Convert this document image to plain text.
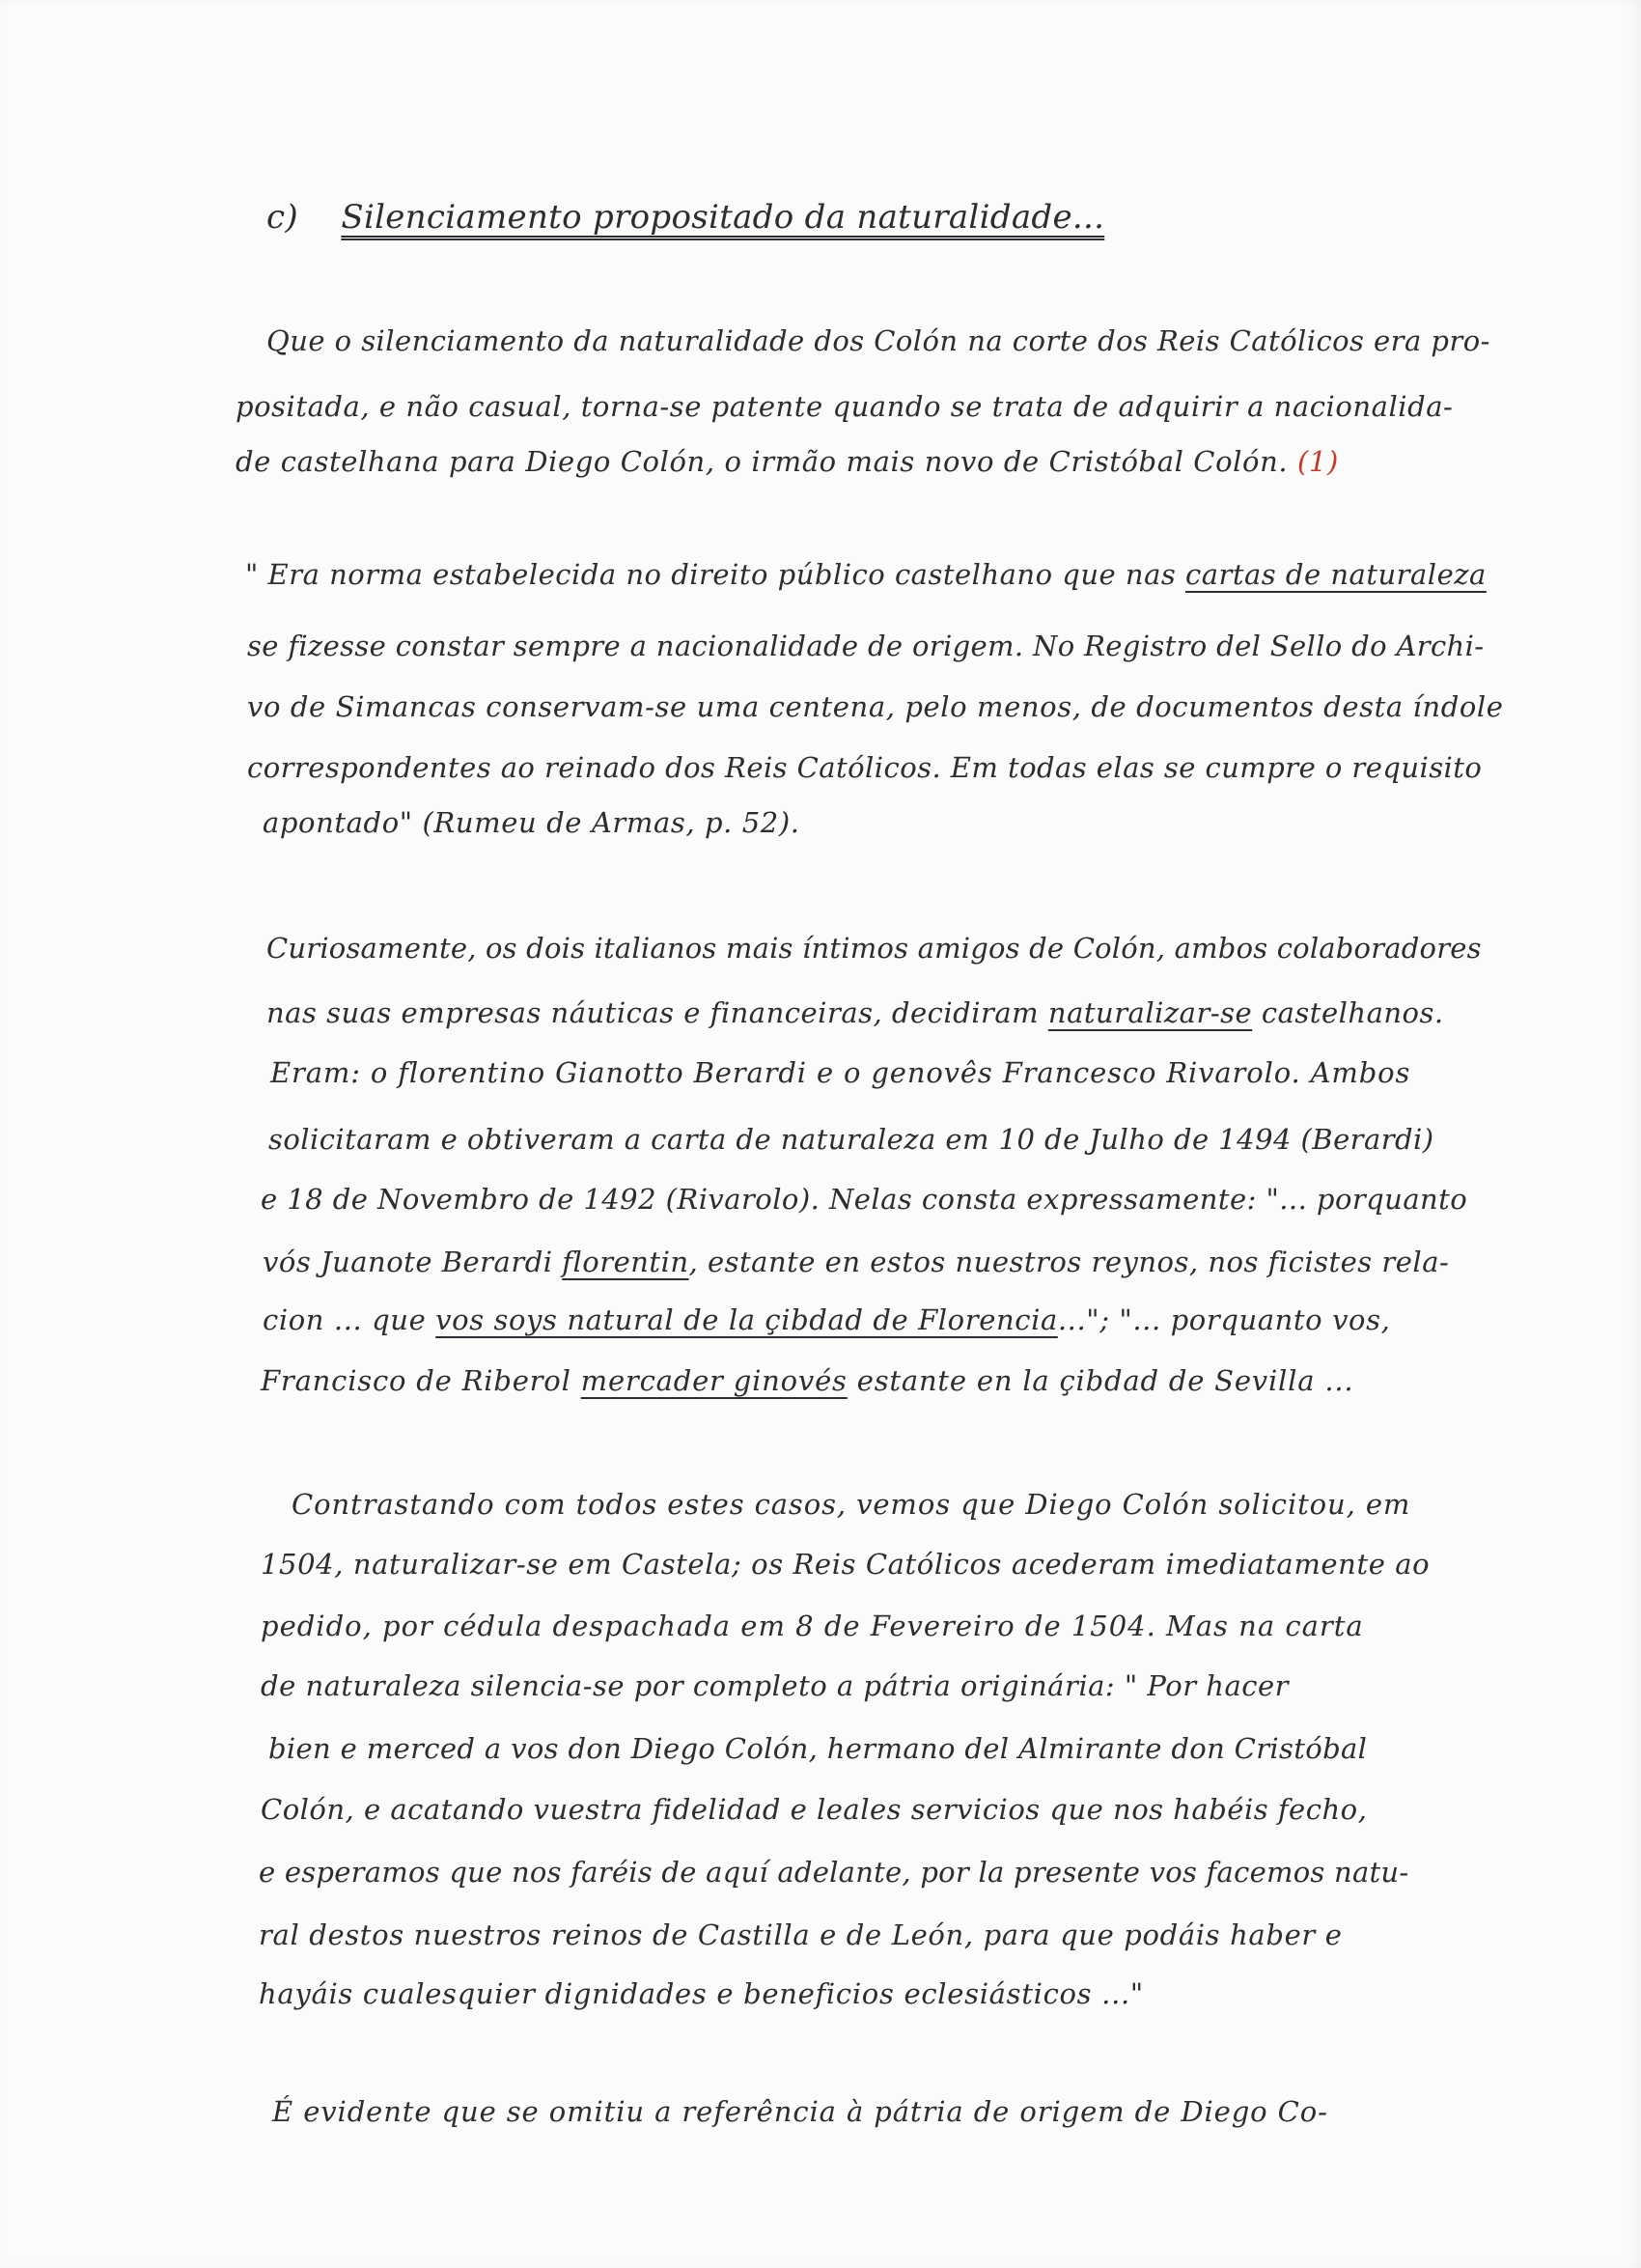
c) Silenciamento propositado da naturalidade...
Que o silenciamento da naturalidade dos Colón na corte dos Reis Católicos era pro-
positada, e não casual, torna-se patente quando se trata de adquirir a nacionalida-
de castelhana para Diego Colón, o irmão mais novo de Cristóbal Colón. (1)
" Era norma estabelecida no direito público castelhano que nas cartas de naturaleza
se fizesse constar sempre a nacionalidade de origem. No Registro del Sello do Archi-
vo de Simancas conservam-se uma centena, pelo menos, de documentos desta índole
correspondentes ao reinado dos Reis Católicos. Em todas elas se cumpre o requisito
apontado" (Rumeu de Armas, p. 52).
Curiosamente, os dois italianos mais íntimos amigos de Colón, ambos colaboradores
nas suas empresas náuticas e financeiras, decidiram naturalizar-se castelhanos.
Eram: o florentino Gianotto Berardi e o genovês Francesco Rivarolo. Ambos
solicitaram e obtiveram a carta de naturaleza em 10 de Julho de 1494 (Berardi)
e 18 de Novembro de 1492 (Rivarolo). Nelas consta expressamente: "... porquanto
vós Juanote Berardi florentin, estante en estos nuestros reynos, nos ficistes rela-
cion ... que vos soys natural de la çibdad de Florencia..."; "... porquanto vos,
Francisco de Riberol mercader ginovés estante en la çibdad de Sevilla ...
Contrastando com todos estes casos, vemos que Diego Colón solicitou, em
1504, naturalizar-se em Castela; os Reis Católicos acederam imediatamente ao
pedido, por cédula despachada em 8 de Fevereiro de 1504. Mas na carta
de naturaleza silencia-se por completo a pátria originária: " Por hacer
bien e merced a vos don Diego Colón, hermano del Almirante don Cristóbal
Colón, e acatando vuestra fidelidad e leales servicios que nos habéis fecho,
e esperamos que nos faréis de aquí adelante, por la presente vos facemos natu-
ral destos nuestros reinos de Castilla e de León, para que podáis haber e
hayáis cualesquier dignidades e beneficios eclesiásticos ..."
É evidente que se omitiu a referência à pátria de origem de Diego Co-
